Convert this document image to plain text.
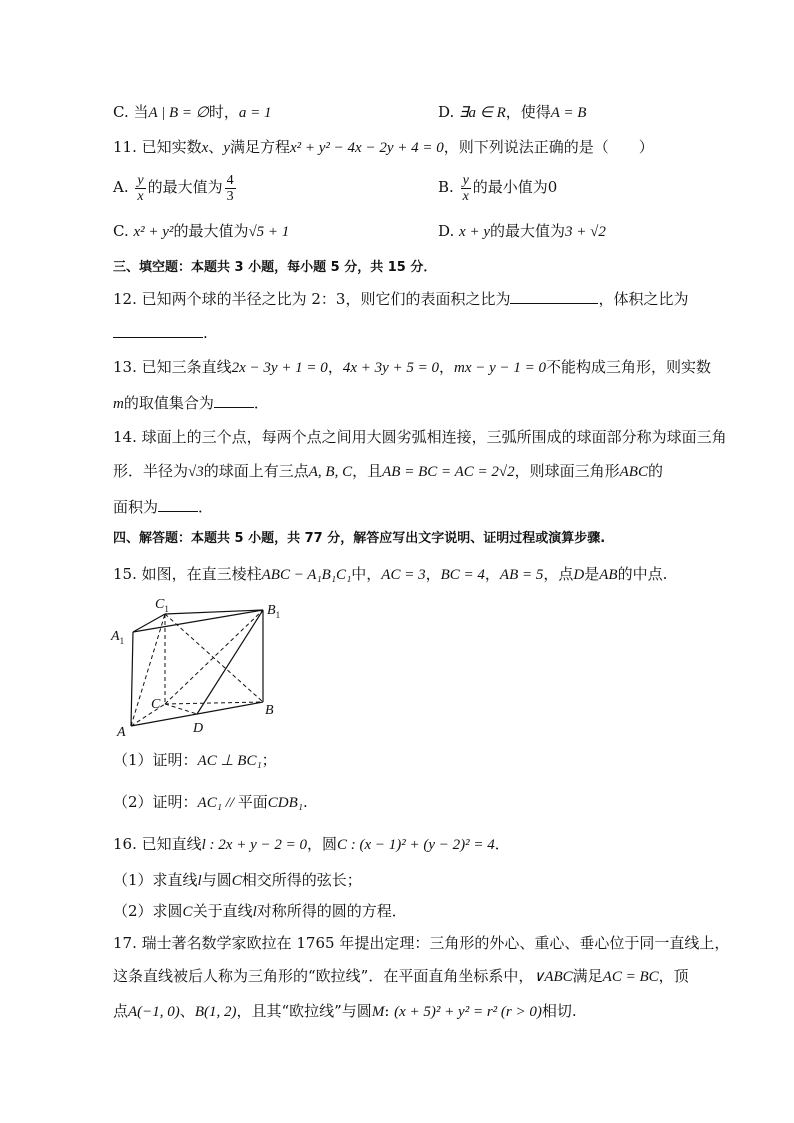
C. 当A | B = ∅时，a = 1	D. ∃a ∈ R，使得A = B
11. 已知实数x、y满足方程x² + y² − 4x − 2y + 4 = 0，则下列说法正确的是（　　）
A. $\frac{y}{x}$ 的最大值为 $\frac{4}{3}$	B. $\frac{y}{x}$ 的最小值为0
C. x² + y²的最大值为√5 + 1	D. x + y的最大值为3 + √2
三、填空题：本题共 3 小题，每小题 5 分，共 15 分．
12. 已知两个球的半径之比为 2：3，则它们的表面积之比为	，体积之比为
.
13. 已知三条直线2x − 3y + 1 = 0，4x + 3y + 5 = 0，mx − y − 1 = 0不能构成三角形，则实数
m的取值集合为	．
14. 球面上的三个点，每两个点之间用大圆劣弧相连接，三弧所围成的球面部分称为球面三角
形．半径为√3的球面上有三点A, B, C，且AB = BC = AC = 2√2，则球面三角形ABC的
面积为	．
四、解答题：本题共 5 小题，共 77 分，解答应写出文字说明、证明过程或演算步骤.
15. 如图，在直三棱柱ABC − A₁B₁C₁中，AC = 3，BC = 4，AB = 5，点D是AB的中点.
$A_1$
$C_1$	$B_1$
C	B
A	D
（1）证明：AC ⊥ BC₁；
（2）证明：AC₁ // 平面CDB₁.
16. 已知直线l : 2x + y − 2 = 0，圆C : (x − 1)² + (y − 2)² = 4．
（1）求直线l与圆C相交所得的弦长；
（2）求圆C关于直线l对称所得的圆的方程．
17. 瑞士著名数学家欧拉在 1765 年提出定理：三角形的外心、重心、垂心位于同一直线上，
这条直线被后人称为三角形的“欧拉线”．在平面直角坐标系中，∨ABC满足AC = BC，顶
点A(−1, 0)、B(1, 2)，且其“欧拉线”与圆M: (x + 5)² + y² = r² (r > 0)相切.
